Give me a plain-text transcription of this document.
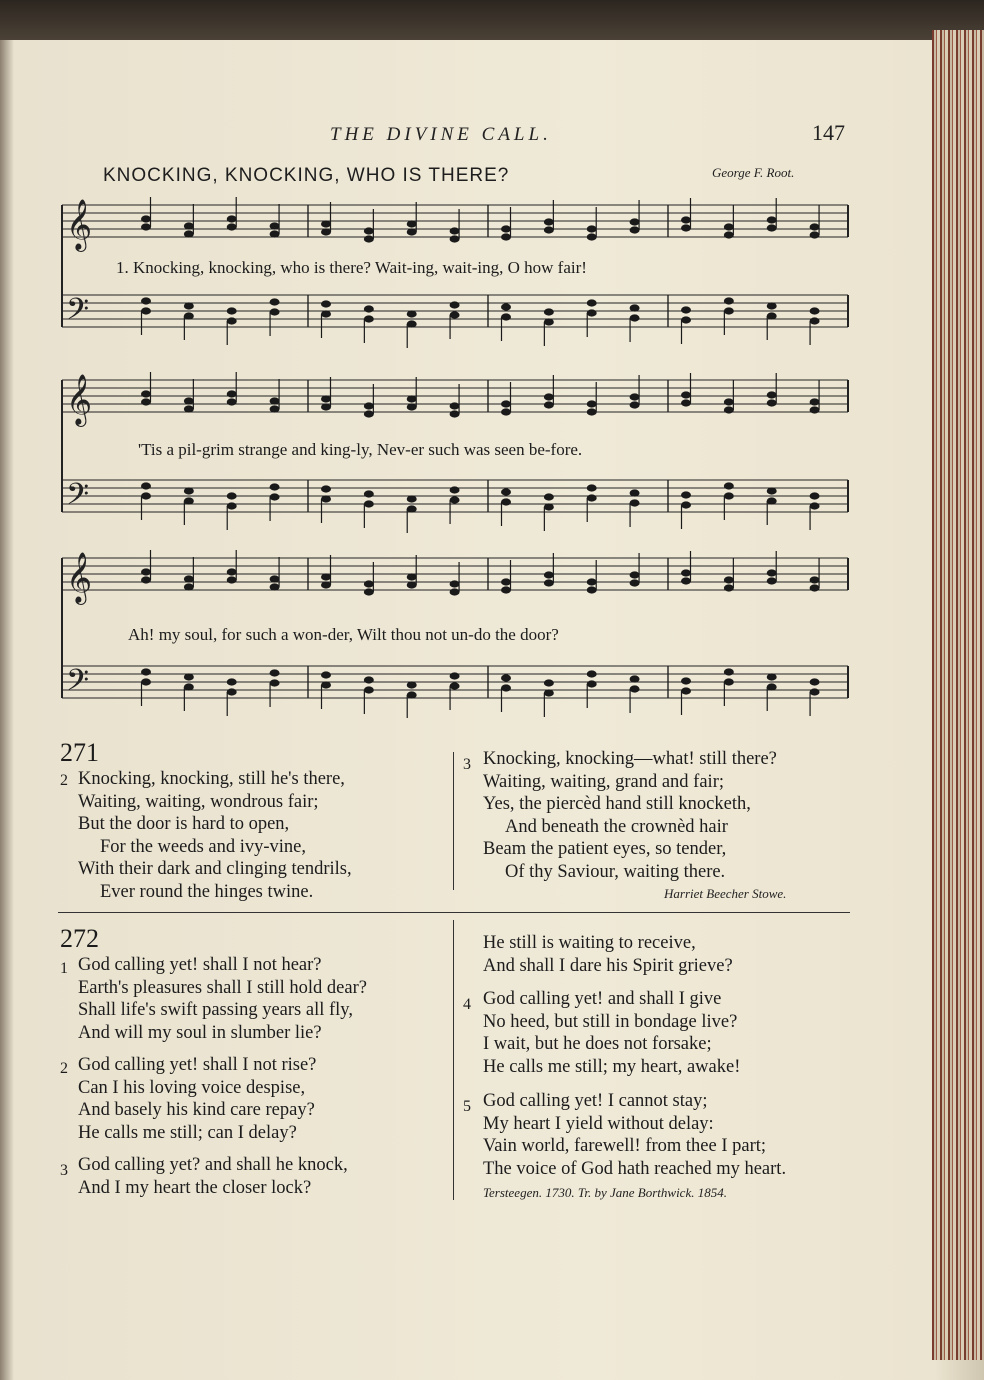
THE DIVINE CALL.	147
KNOCKING, KNOCKING, WHO IS THERE?	George F. Root.
𝄞
𝄢
1. Knocking, knocking, who is there? Wait-ing, wait-ing, O how fair!
𝄞
𝄢
'Tis a pil-grim strange and king-ly, Nev-er such was seen be-fore.
𝄞
𝄢
Ah! my soul, for such a won-der, Wilt thou not un-do the door?
271
2 Knocking, knocking, still he's there,
Waiting, waiting, wondrous fair;
But the door is hard to open,
For the weeds and ivy-vine,
With their dark and clinging tendrils,
Ever round the hinges twine.
3 Knocking, knocking—what! still there?
Waiting, waiting, grand and fair;
Yes, the piercèd hand still knocketh,
And beneath the crownèd hair
Beam the patient eyes, so tender,
Of thy Saviour, waiting there.
Harriet Beecher Stowe.
272
1 God calling yet! shall I not hear?
Earth's pleasures shall I still hold dear?
Shall life's swift passing years all fly,
And will my soul in slumber lie?
2 God calling yet! shall I not rise?
Can I his loving voice despise,
And basely his kind care repay?
He calls me still; can I delay?
3 God calling yet? and shall he knock,
And I my heart the closer lock?
He still is waiting to receive,
And shall I dare his Spirit grieve?
4 God calling yet! and shall I give
No heed, but still in bondage live?
I wait, but he does not forsake;
He calls me still; my heart, awake!
5 God calling yet! I cannot stay;
My heart I yield without delay:
Vain world, farewell! from thee I part;
The voice of God hath reached my heart.
Tersteegen. 1730. Tr. by Jane Borthwick. 1854.
